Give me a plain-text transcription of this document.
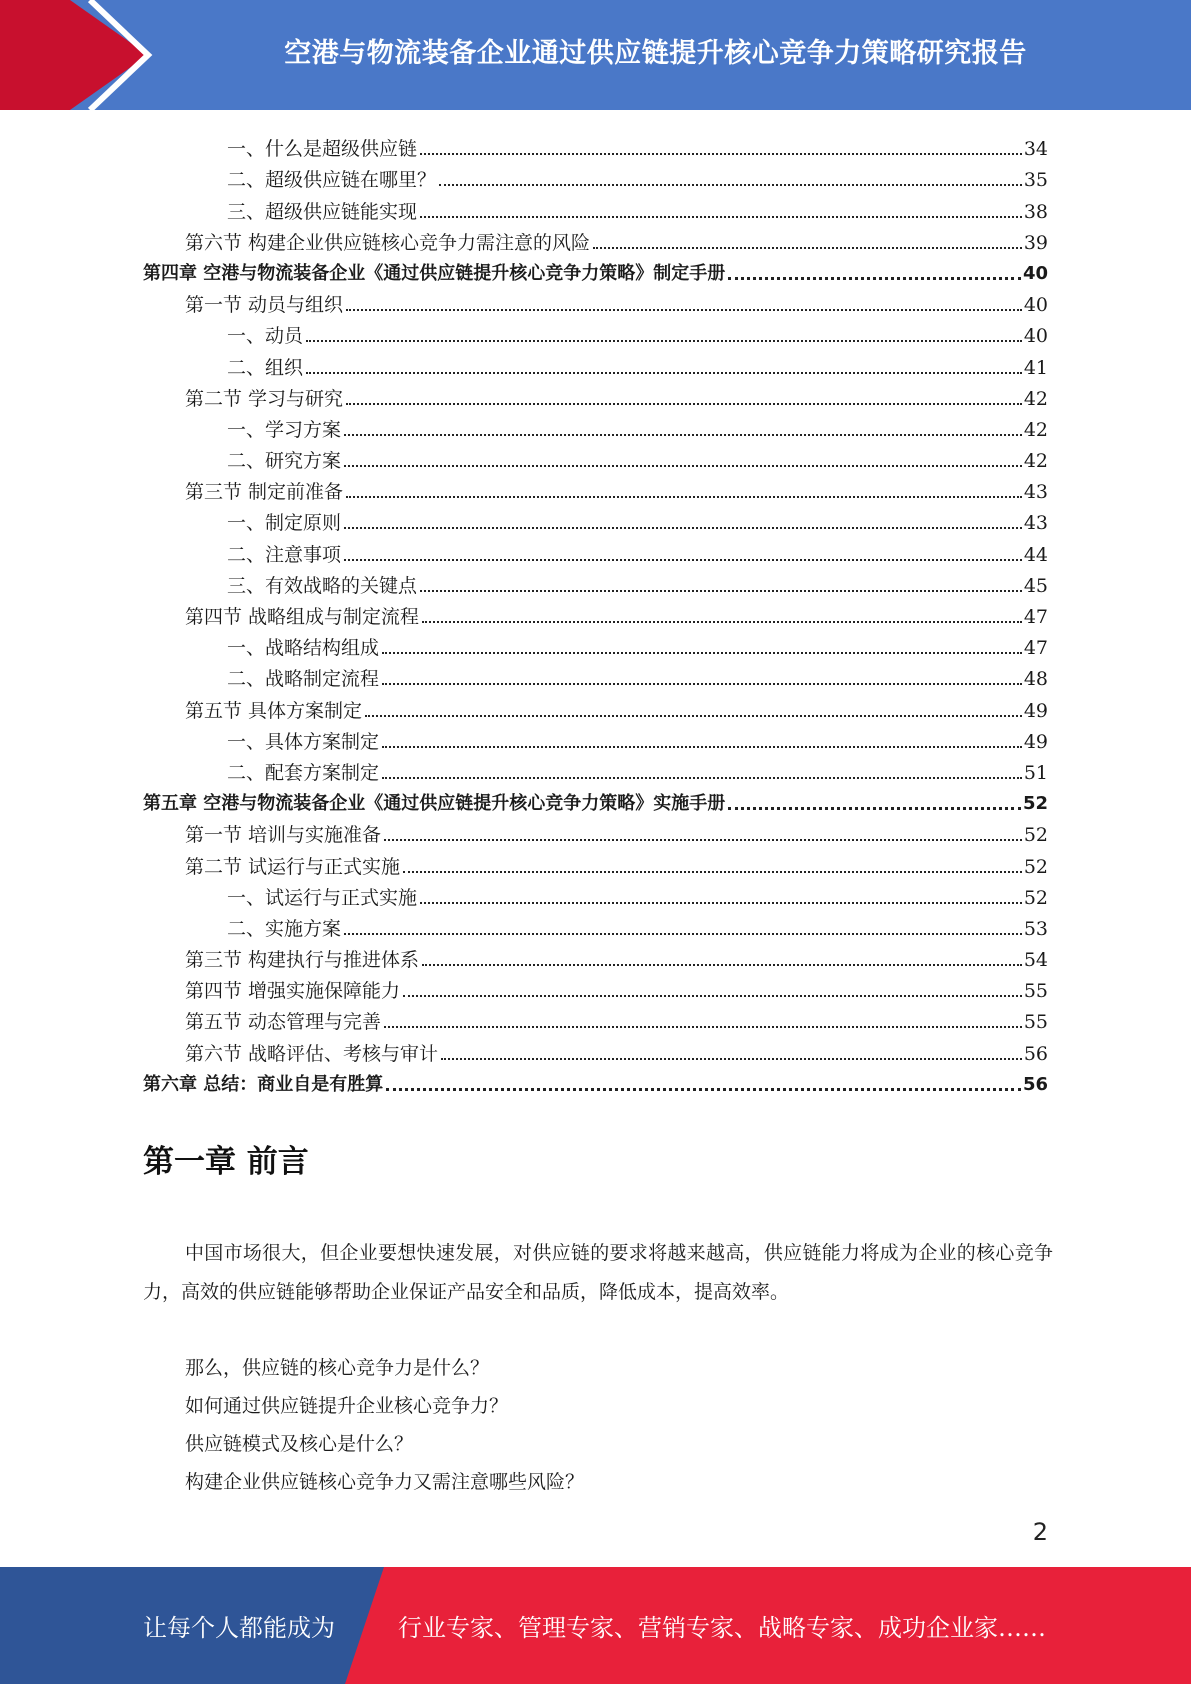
空港与物流装备企业通过供应链提升核心竞争力策略研究报告
一、什么是超级供应链	34
二、超级供应链在哪里？	35
三、超级供应链能实现	38
第六节 构建企业供应链核心竞争力需注意的风险	39
第四章 空港与物流装备企业《通过供应链提升核心竞争力策略》制定手册	40
第一节 动员与组织	40
一、动员	40
二、组织	41
第二节 学习与研究	42
一、学习方案	42
二、研究方案	42
第三节 制定前准备	43
一、制定原则	43
二、注意事项	44
三、有效战略的关键点	45
第四节 战略组成与制定流程	47
一、战略结构组成	47
二、战略制定流程	48
第五节 具体方案制定	49
一、具体方案制定	49
二、配套方案制定	51
第五章 空港与物流装备企业《通过供应链提升核心竞争力策略》实施手册	52
第一节 培训与实施准备	52
第二节 试运行与正式实施	52
一、试运行与正式实施	52
二、实施方案	53
第三节 构建执行与推进体系	54
第四节 增强实施保障能力	55
第五节 动态管理与完善	55
第六节 战略评估、考核与审计	56
第六章 总结：商业自是有胜算	56
第一章 前言
中国市场很大，但企业要想快速发展，对供应链的要求将越来越高，供应链能力将成为企业的核心竞争力，高效的供应链能够帮助企业保证产品安全和品质，降低成本，提高效率。
那么，供应链的核心竞争力是什么？
如何通过供应链提升企业核心竞争力？
供应链模式及核心是什么？
构建企业供应链核心竞争力又需注意哪些风险？
2
让每个人都能成为	行业专家、管理专家、营销专家、战略专家、成功企业家……
